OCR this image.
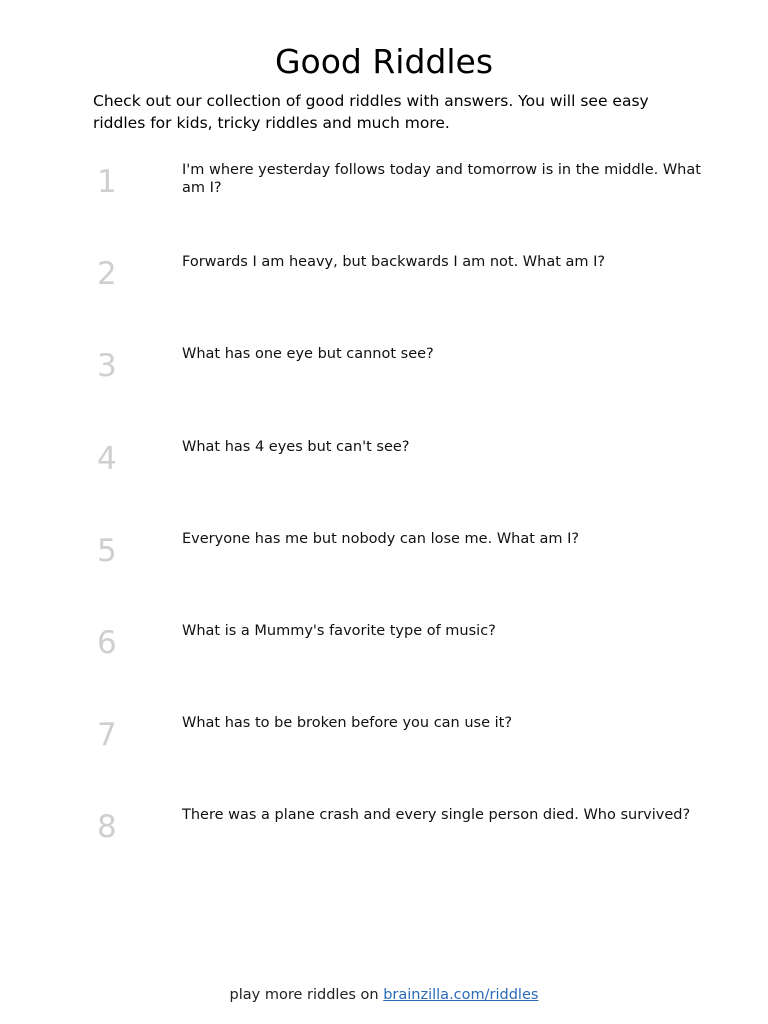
Good Riddles

Check out our collection of good riddles with answers. You will see easy riddles for kids, tricky riddles and much more.

1	I'm where yesterday follows today and tomorrow is in the middle. What am I?
2	Forwards I am heavy, but backwards I am not. What am I?
3	What has one eye but cannot see?
4	What has 4 eyes but can't see?
5	Everyone has me but nobody can lose me. What am I?
6	What is a Mummy's favorite type of music?
7	What has to be broken before you can use it?
8	There was a plane crash and every single person died. Who survived?
play more riddles on brainzilla.com/riddles
